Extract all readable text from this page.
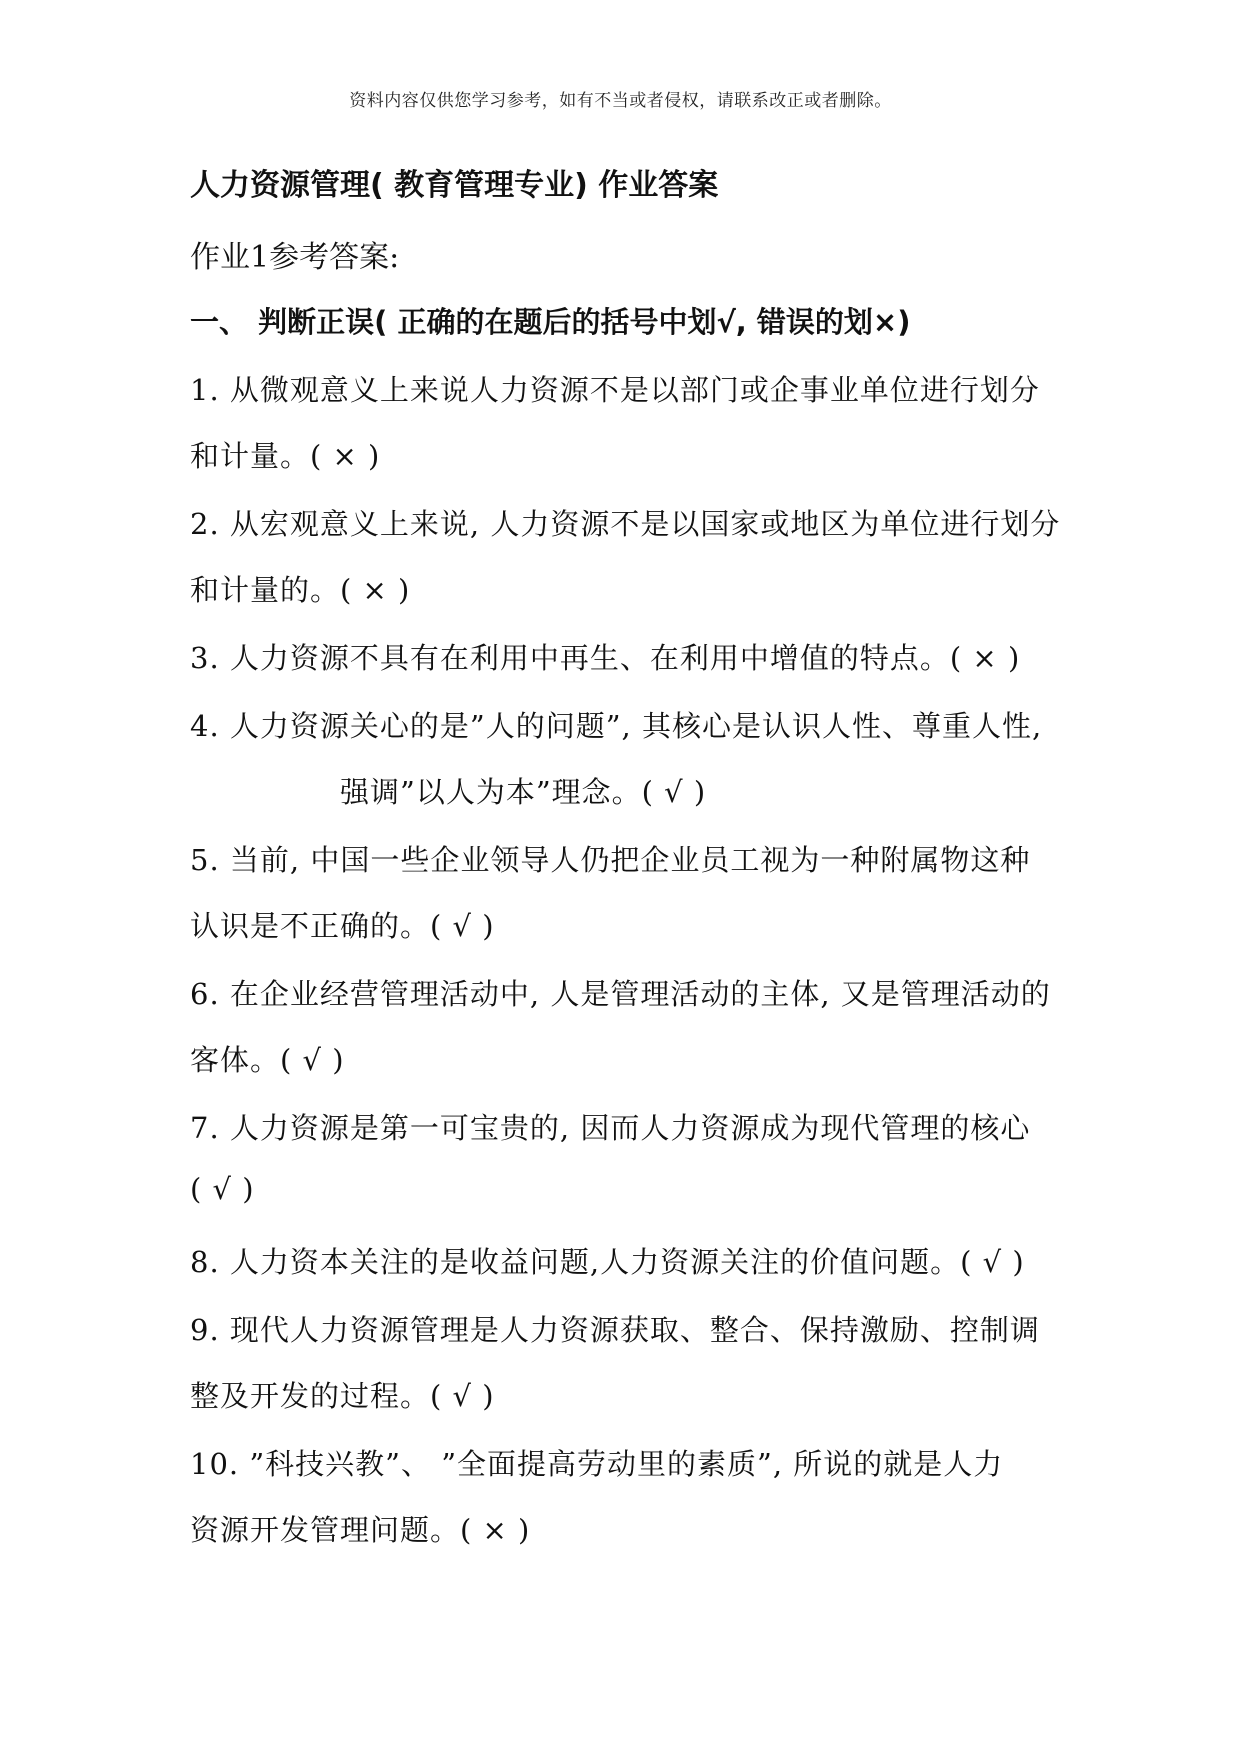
资料内容仅供您学习参考，如有不当或者侵权，请联系改正或者删除。
人力资源管理( 教育管理专业) 作业答案
作业1参考答案:
一、 判断正误( 正确的在题后的括号中划√, 错误的划×)
1. 从微观意义上来说人力资源不是以部门或企事业单位进行划分
和计量。( × )
2. 从宏观意义上来说, 人力资源不是以国家或地区为单位进行划分
和计量的。( × )
3. 人力资源不具有在利用中再生、在利用中增值的特点。( × )
4. 人力资源关心的是”人的问题”, 其核心是认识人性、尊重人性,
强调”以人为本”理念。( √ )
5. 当前, 中国一些企业领导人仍把企业员工视为一种附属物这种
认识是不正确的。( √ )
6. 在企业经营管理活动中, 人是管理活动的主体, 又是管理活动的
客体。( √ )
7. 人力资源是第一可宝贵的, 因而人力资源成为现代管理的核心
( √ )
8. 人力资本关注的是收益问题,人力资源关注的价值问题。( √ )
9. 现代人力资源管理是人力资源获取、整合、保持激励、控制调
整及开发的过程。( √ )
10. ”科技兴教”、 ”全面提高劳动里的素质”, 所说的就是人力
资源开发管理问题。( × )
